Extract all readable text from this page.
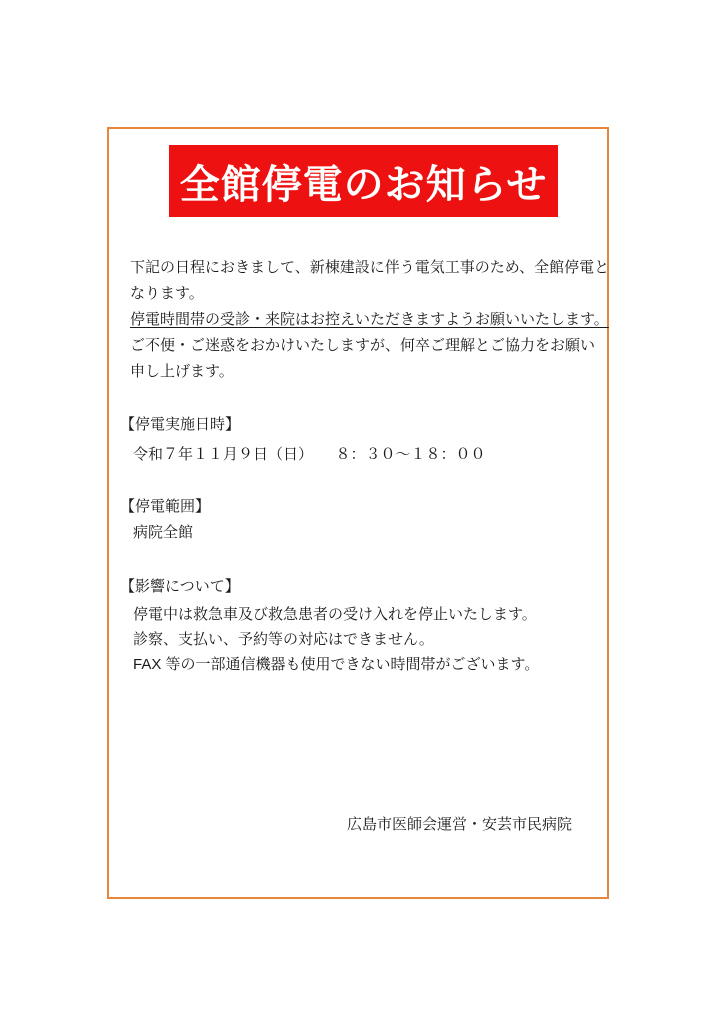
全館停電のお知らせ
下記の日程におきまして、新棟建設に伴う電気工事のため、全館停電と
なります。
停電時間帯の受診・来院はお控えいただきますようお願いいたします。
ご不便・ご迷惑をおかけいたしますが、何卒ご理解とご協力をお願い
申し上げます。
【停電実施日時】
令和７年１１月９日（日）　　８：３０～１８：００
【停電範囲】
病院全館
【影響について】
停電中は救急車及び救急患者の受け入れを停止いたします。
診察、支払い、予約等の対応はできません。
FAX 等の一部通信機器も使用できない時間帯がございます。
広島市医師会運営・安芸市民病院
